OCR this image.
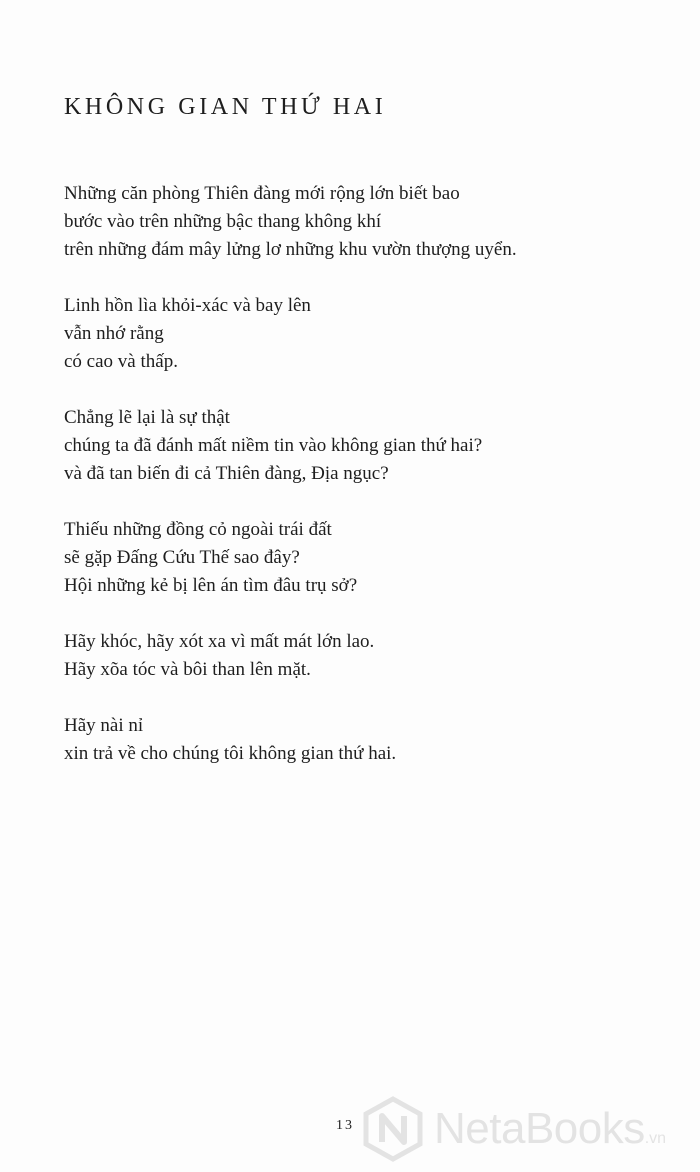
KHÔNG GIAN THỨ HAI

Những căn phòng Thiên đàng mới rộng lớn biết bao
bước vào trên những bậc thang không khí
trên những đám mây lửng lơ những khu vườn thượng uyển.

Linh hồn lìa khỏi-xác và bay lên
vẫn nhớ rằng
có cao và thấp.

Chẳng lẽ lại là sự thật
chúng ta đã đánh mất niềm tin vào không gian thứ hai?
và đã tan biến đi cả Thiên đàng, Địa ngục?

Thiếu những đồng cỏ ngoài trái đất
sẽ gặp Đấng Cứu Thế sao đây?
Hội những kẻ bị lên án tìm đâu trụ sở?

Hãy khóc, hãy xót xa vì mất mát lớn lao.
Hãy xõa tóc và bôi than lên mặt.

Hãy nài nỉ
xin trả về cho chúng tôi không gian thứ hai.

13 NetaBooks.vn
